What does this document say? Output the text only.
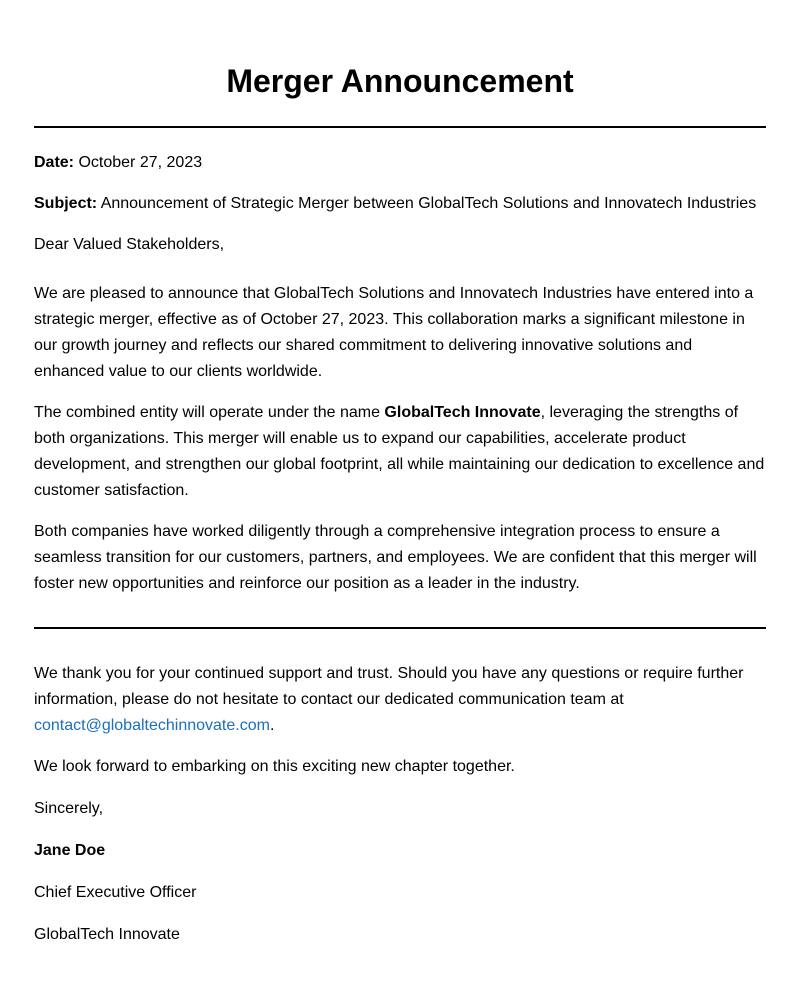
Merger Announcement

Date: October 27, 2023

Subject: Announcement of Strategic Merger between GlobalTech Solutions and Innovatech Industries

Dear Valued Stakeholders,

We are pleased to announce that GlobalTech Solutions and Innovatech Industries have entered into a strategic merger, effective as of October 27, 2023. This collaboration marks a significant milestone in our growth journey and reflects our shared commitment to delivering innovative solutions and enhanced value to our clients worldwide.

The combined entity will operate under the name GlobalTech Innovate, leveraging the strengths of both organizations. This merger will enable us to expand our capabilities, accelerate product development, and strengthen our global footprint, all while maintaining our dedication to excellence and customer satisfaction.

Both companies have worked diligently through a comprehensive integration process to ensure a seamless transition for our customers, partners, and employees. We are confident that this merger will foster new opportunities and reinforce our position as a leader in the industry.

We thank you for your continued support and trust. Should you have any questions or require further information, please do not hesitate to contact our dedicated communication team at contact@globaltechinnovate.com.

We look forward to embarking on this exciting new chapter together.

Sincerely,

Jane Doe

Chief Executive Officer

GlobalTech Innovate
